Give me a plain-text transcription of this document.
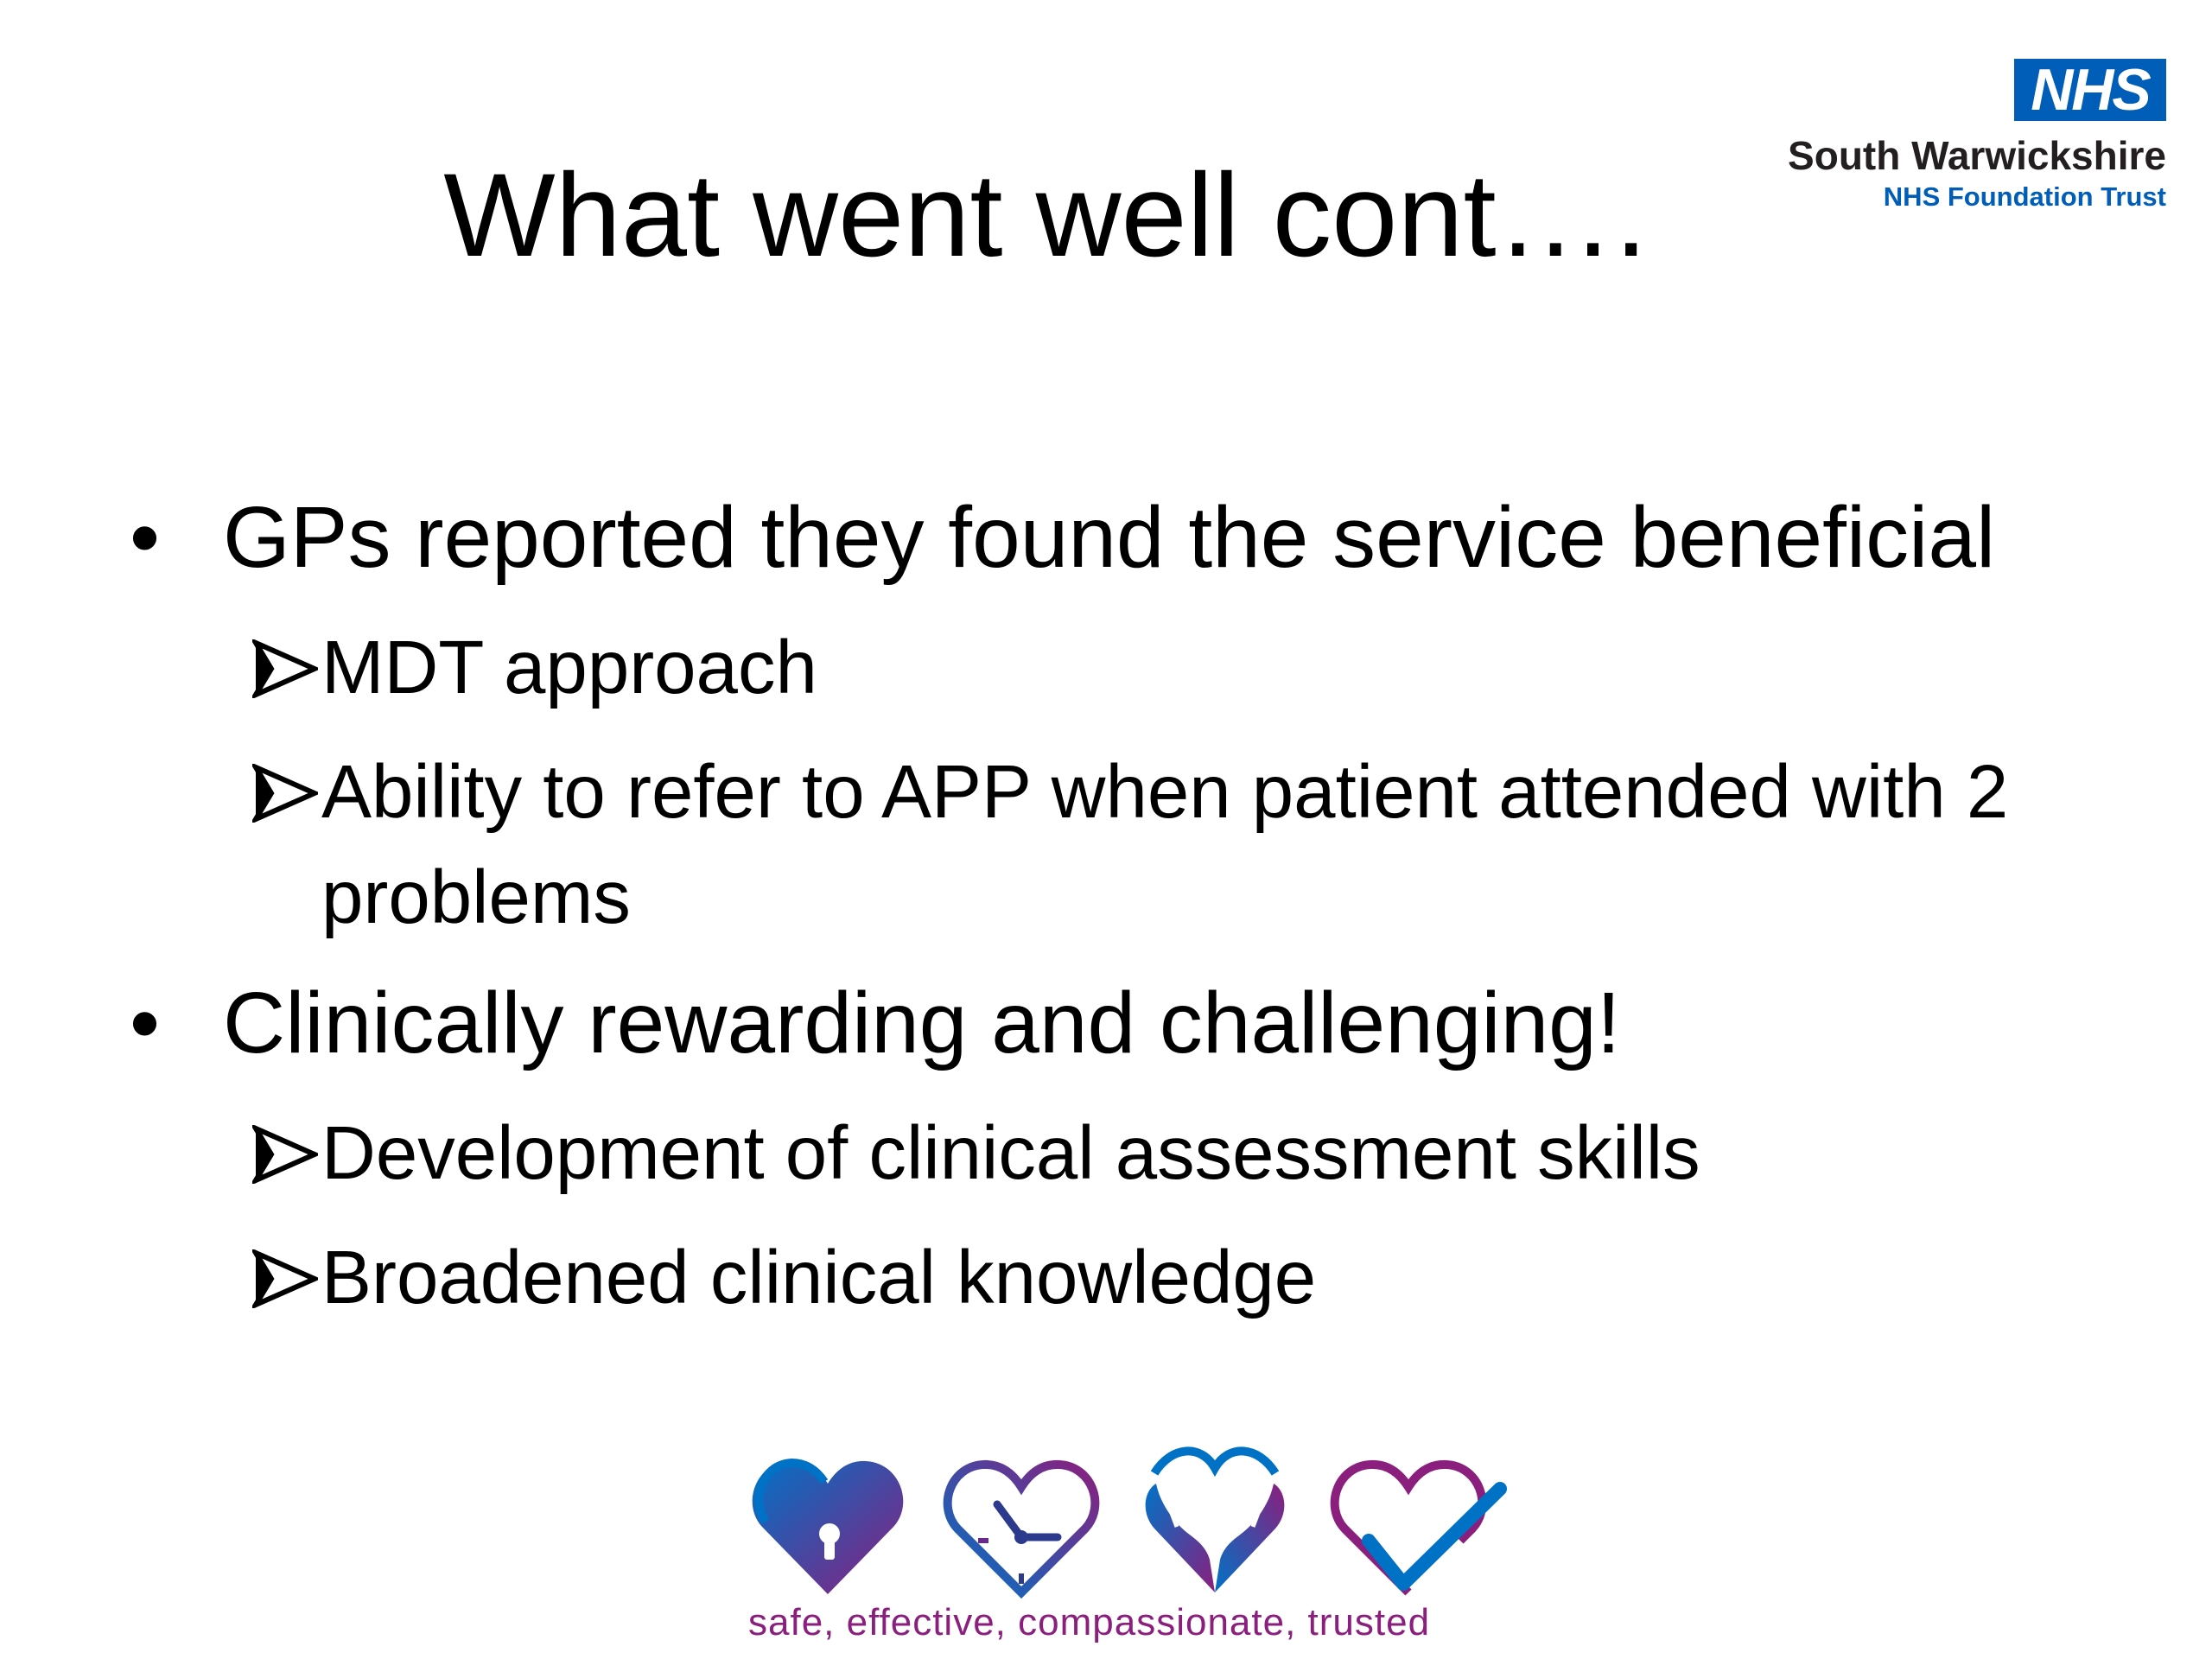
NHS
South Warwickshire
NHS Foundation Trust
What went well cont….
• GPs reported they found the service beneficial
MDT approach
Ability to refer to APP when patient attended with 2 problems
• Clinically rewarding and challenging!
Development of clinical assessment skills
Broadened clinical knowledge
safe, effective, compassionate, trusted
